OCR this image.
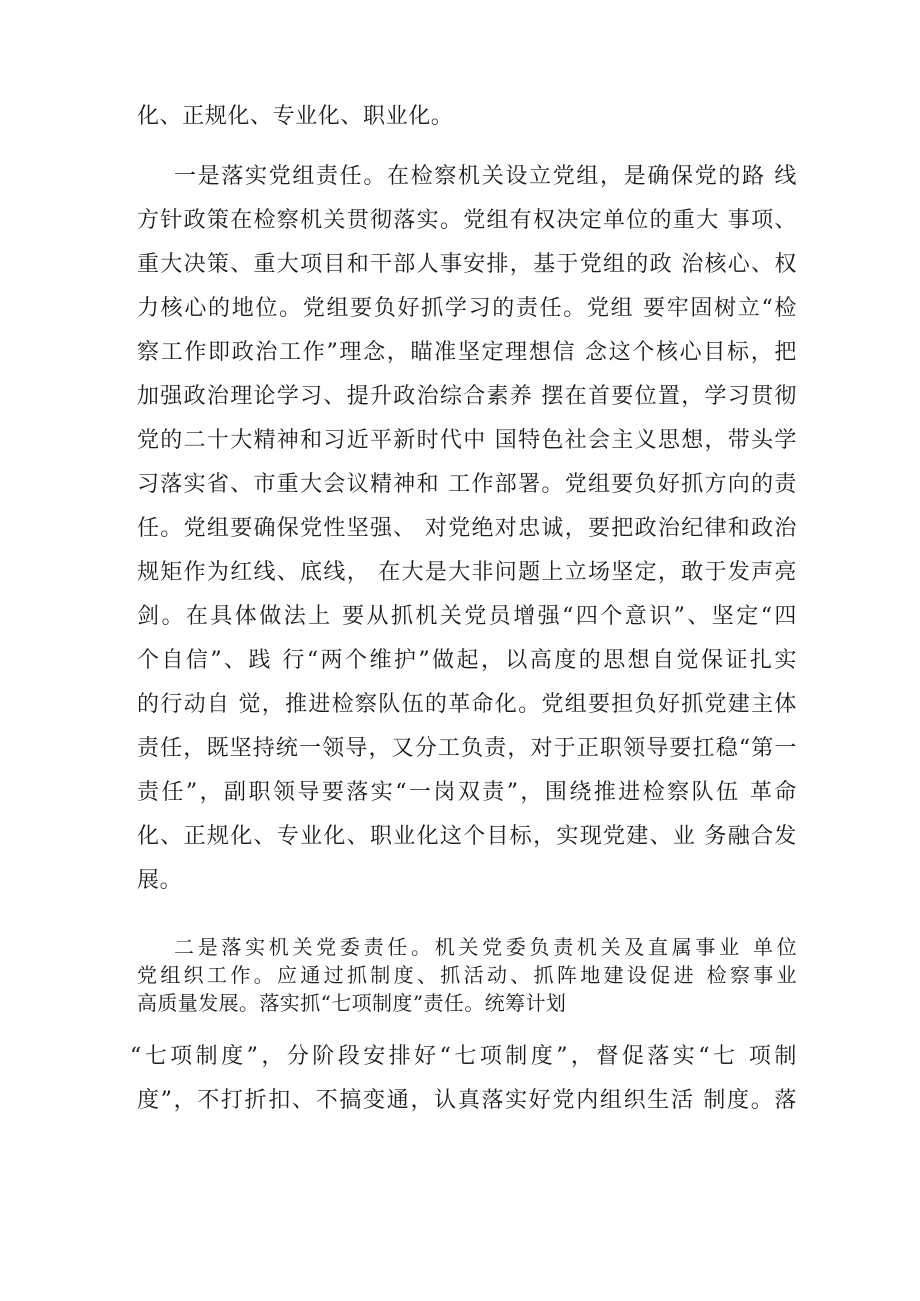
化、正规化、专业化、职业化。
一是落实党组责任。在检察机关设立党组，是确保党的路 线
方针政策在检察机关贯彻落实。党组有权决定单位的重大 事项、
重大决策、重大项目和干部人事安排，基于党组的政 治核心、权
力核心的地位。党组要负好抓学习的责任。党组 要牢固树立“检
察工作即政治工作”理念，瞄准坚定理想信 念这个核心目标，把
加强政治理论学习、提升政治综合素养 摆在首要位置，学习贯彻
党的二十大精神和习近平新时代中 国特色社会主义思想，带头学
习落实省、市重大会议精神和 工作部署。党组要负好抓方向的责
任。党组要确保党性坚强、 对党绝对忠诚，要把政治纪律和政治
规矩作为红线、底线， 在大是大非问题上立场坚定，敢于发声亮
剑。在具体做法上 要从抓机关党员增强“四个意识”、坚定“四
个自信”、践 行“两个维护”做起，以高度的思想自觉保证扎实
的行动自 觉，推进检察队伍的革命化。党组要担负好抓党建主体
责任，既坚持统一领导，又分工负责，对于正职领导要扛稳“第一
责任”，副职领导要落实“一岗双责”，围绕推进检察队伍 革命
化、正规化、专业化、职业化这个目标，实现党建、业 务融合发
展。
二是落实机关党委责任。机关党委负责机关及直属事业 单位
党组织工作。应通过抓制度、抓活动、抓阵地建设促进 检察事业
高质量发展。落实抓“七项制度”责任。统筹计划
“七项制度”，分阶段安排好“七项制度”，督促落实“七 项制
度”，不打折扣、不搞变通，认真落实好党内组织生活 制度。落
